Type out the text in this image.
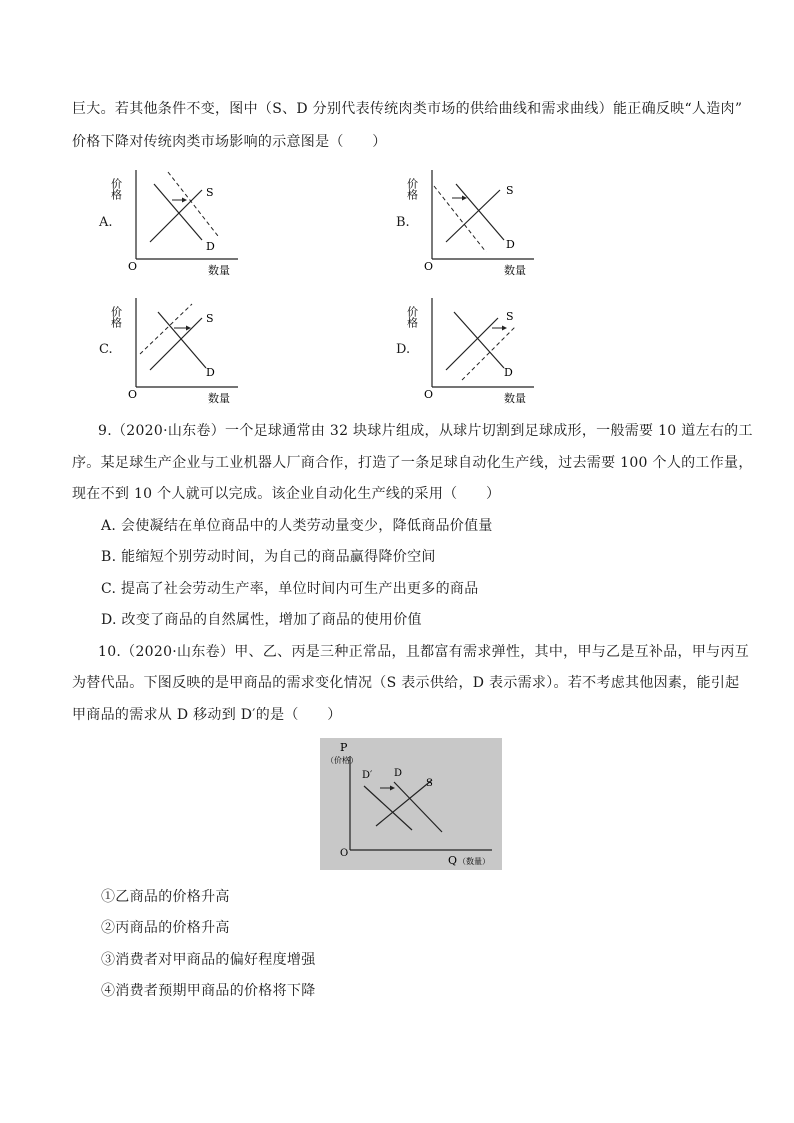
巨大。若其他条件不变，图中（S、D 分别代表传统肉类市场的供给曲线和需求曲线）能正确反映“人造肉”
价格下降对传统肉类市场影响的示意图是（　　）
A.
价格
O	数量
S
D
B.
价格
O	数量
S
D
C.
价格
O	数量
S
D
D.
价格
O	数量
S
D
9.（2020·山东卷）一个足球通常由 32 块球片组成，从球片切割到足球成形，一般需要 10 道左右的工
序。某足球生产企业与工业机器人厂商合作，打造了一条足球自动化生产线，过去需要 100 个人的工作量，
现在不到 10 个人就可以完成。该企业自动化生产线的采用（　　）
A. 会使凝结在单位商品中的人类劳动量变少，降低商品价值量
B. 能缩短个别劳动时间，为自己的商品赢得降价空间
C. 提高了社会劳动生产率，单位时间内可生产出更多的商品
D. 改变了商品的自然属性，增加了商品的使用价值
10.（2020·山东卷）甲、乙、丙是三种正常品，且都富有需求弹性，其中，甲与乙是互补品，甲与丙互
为替代品。下图反映的是甲商品的需求变化情况（S 表示供给，D 表示需求）。若不考虑其他因素，能引起
甲商品的需求从 D 移动到 D′的是（　　）
P
（价格）
O
Q （数量）
D′ D
S
①乙商品的价格升高
②丙商品的价格升高
③消费者对甲商品的偏好程度增强
④消费者预期甲商品的价格将下降
